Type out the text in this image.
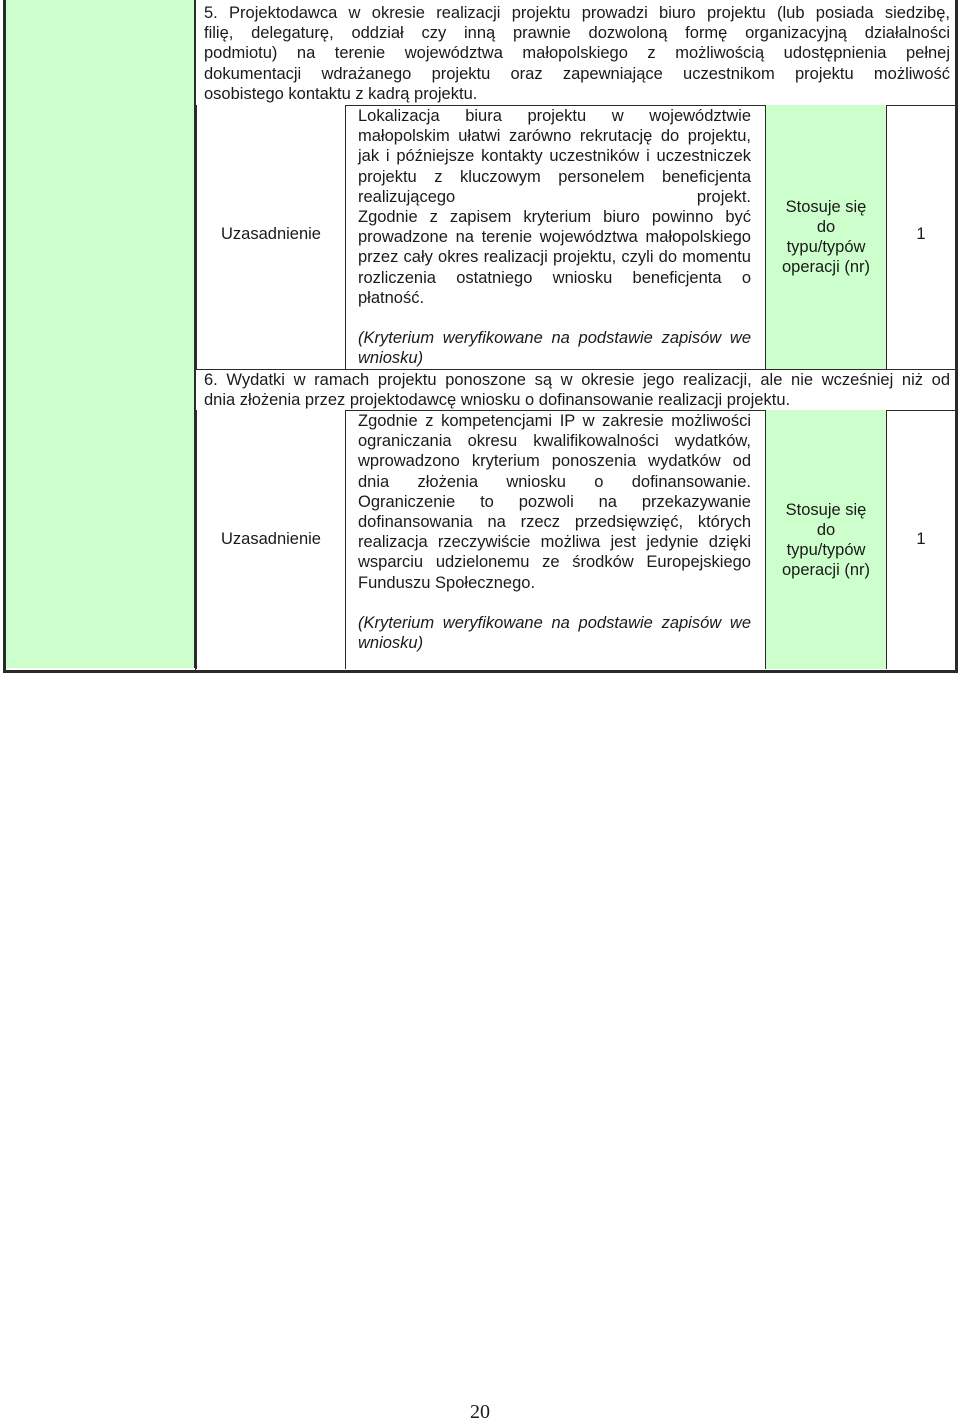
5. Projektodawca w okresie realizacji projektu prowadzi biuro projektu (lub posiada siedzibę,
filię, delegaturę, oddział czy inną prawnie dozwoloną formę organizacyjną działalności
podmiotu) na terenie województwa małopolskiego z możliwością udostępnienia pełnej
dokumentacji wdrażanego projektu oraz zapewniające uczestnikom projektu możliwość
osobistego kontaktu z kadrą projektu.
Uzasadnienie
Lokalizacja biura projektu w województwie małopolskim ułatwi zarówno rekrutację do projektu, jak i późniejsze kontakty uczestników i uczestniczek projektu z kluczowym personelem beneficjenta realizującego projekt.
Zgodnie z zapisem kryterium biuro powinno być prowadzone na terenie województwa małopolskiego przez cały okres realizacji projektu, czyli do momentu rozliczenia ostatniego wniosku beneficjenta o płatność.
(Kryterium weryfikowane na podstawie zapisów we wniosku)
Stosuje się
do
typu/typów
operacji (nr)
1
6. Wydatki w ramach projektu ponoszone są w okresie jego realizacji, ale nie wcześniej niż od
dnia złożenia przez projektodawcę wniosku o dofinansowanie realizacji projektu.
Uzasadnienie
Zgodnie z kompetencjami IP w zakresie możliwości ograniczania okresu kwalifikowalności wydatków, wprowadzono kryterium ponoszenia wydatków od dnia złożenia wniosku o dofinansowanie.
Ograniczenie to pozwoli na przekazywanie dofinansowania na rzecz przedsięwzięć, których realizacja rzeczywiście możliwa jest jedynie dzięki wsparciu udzielonemu ze środków Europejskiego Funduszu Społecznego.
(Kryterium weryfikowane na podstawie zapisów we wniosku)
Stosuje się
do
typu/typów
operacji (nr)
1
20
